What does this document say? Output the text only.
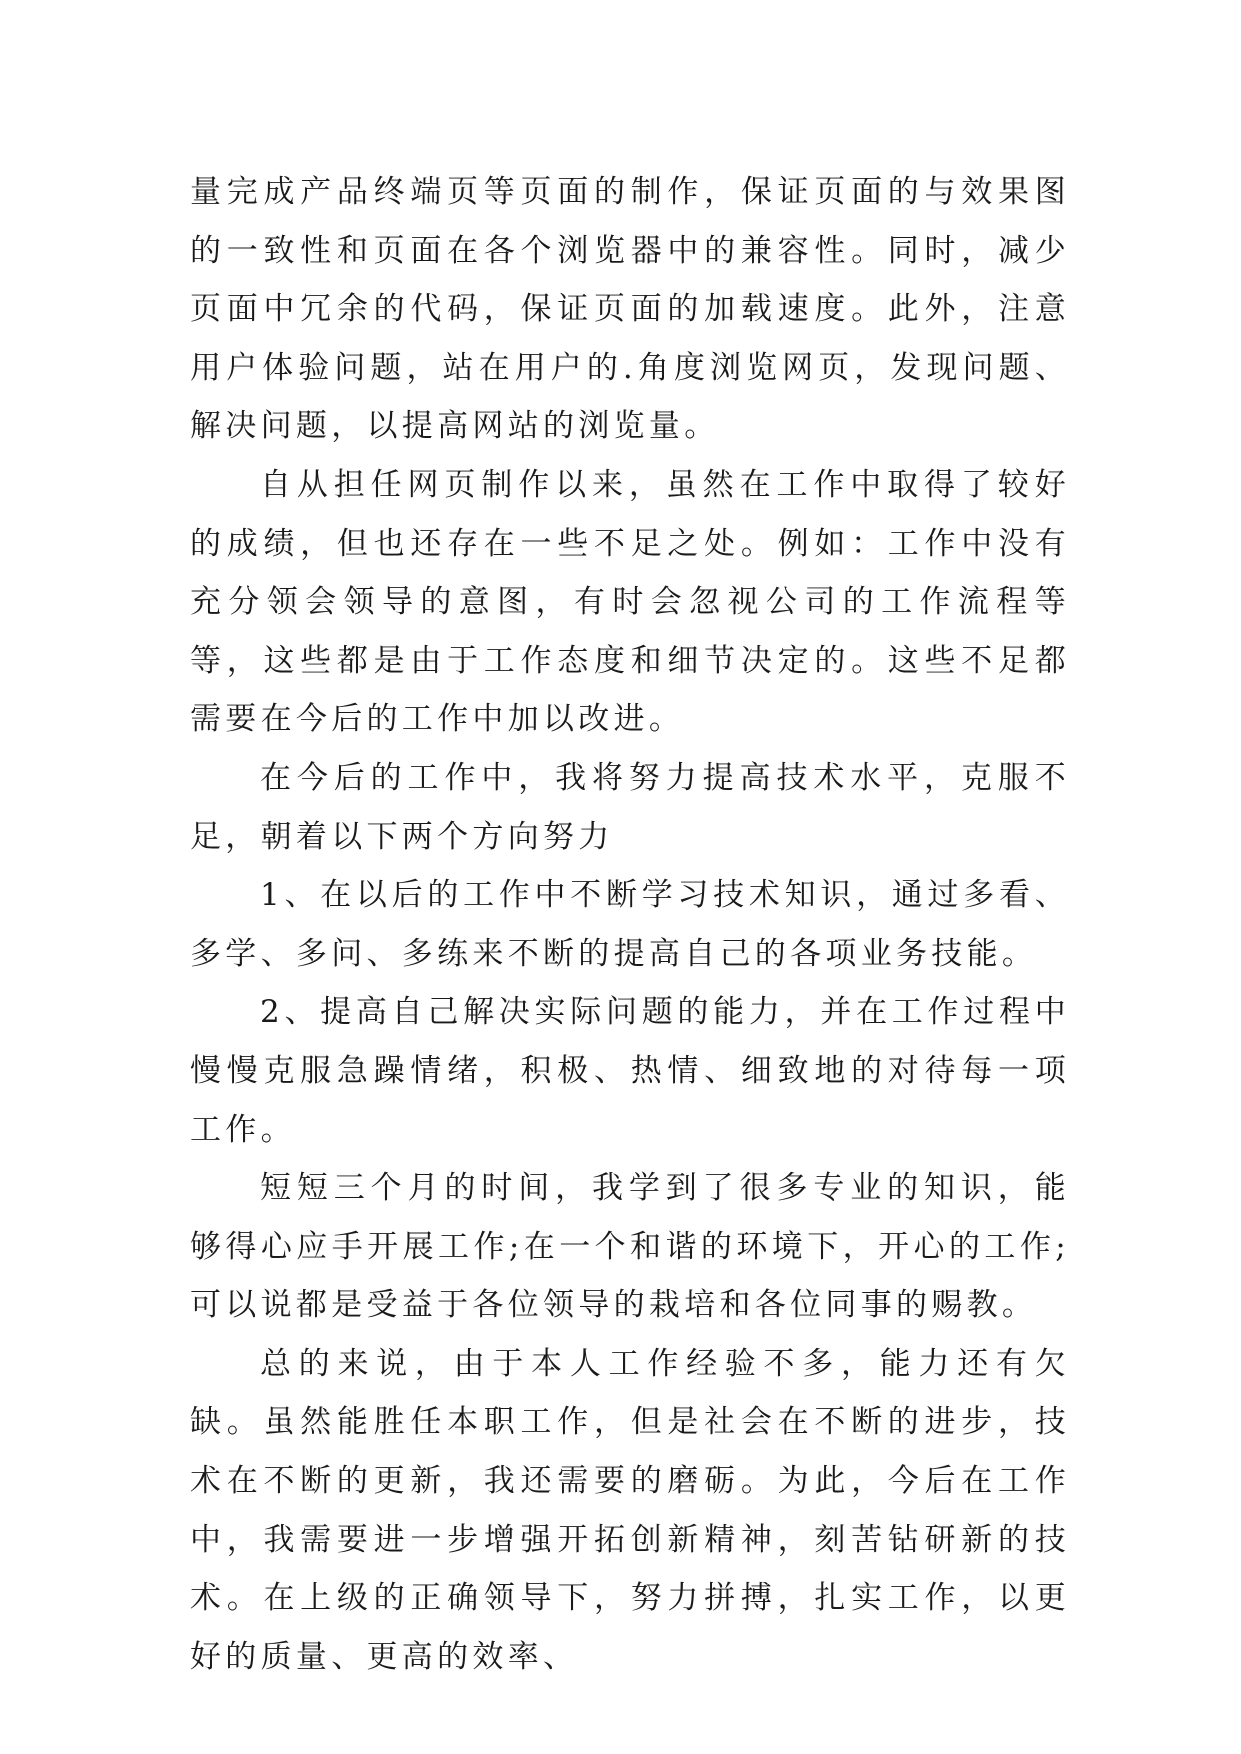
量完成产品终端页等页面的制作，保证页面的与效果图的一致性和页面在各个浏览器中的兼容性。同时，减少页面中冗余的代码，保证页面的加载速度。此外，注意用户体验问题，站在用户的.角度浏览网页，发现问题、解决问题，以提高网站的浏览量。

自从担任网页制作以来，虽然在工作中取得了较好的成绩，但也还存在一些不足之处。例如：工作中没有充分领会领导的意图，有时会忽视公司的工作流程等等，这些都是由于工作态度和细节决定的。这些不足都需要在今后的工作中加以改进。

在今后的工作中，我将努力提高技术水平，克服不足，朝着以下两个方向努力

1、在以后的工作中不断学习技术知识，通过多看、多学、多问、多练来不断的提高自己的各项业务技能。

2、提高自己解决实际问题的能力，并在工作过程中慢慢克服急躁情绪，积极、热情、细致地的对待每一项工作。

短短三个月的时间，我学到了很多专业的知识，能够得心应手开展工作;在一个和谐的环境下，开心的工作;可以说都是受益于各位领导的栽培和各位同事的赐教。

总的来说，由于本人工作经验不多，能力还有欠缺。虽然能胜任本职工作，但是社会在不断的进步，技术在不断的更新，我还需要的磨砺。为此，今后在工作中，我需要进一步增强开拓创新精神，刻苦钻研新的技术。在上级的正确领导下，努力拼搏，扎实工作，以更好的质量、更高的效率、
